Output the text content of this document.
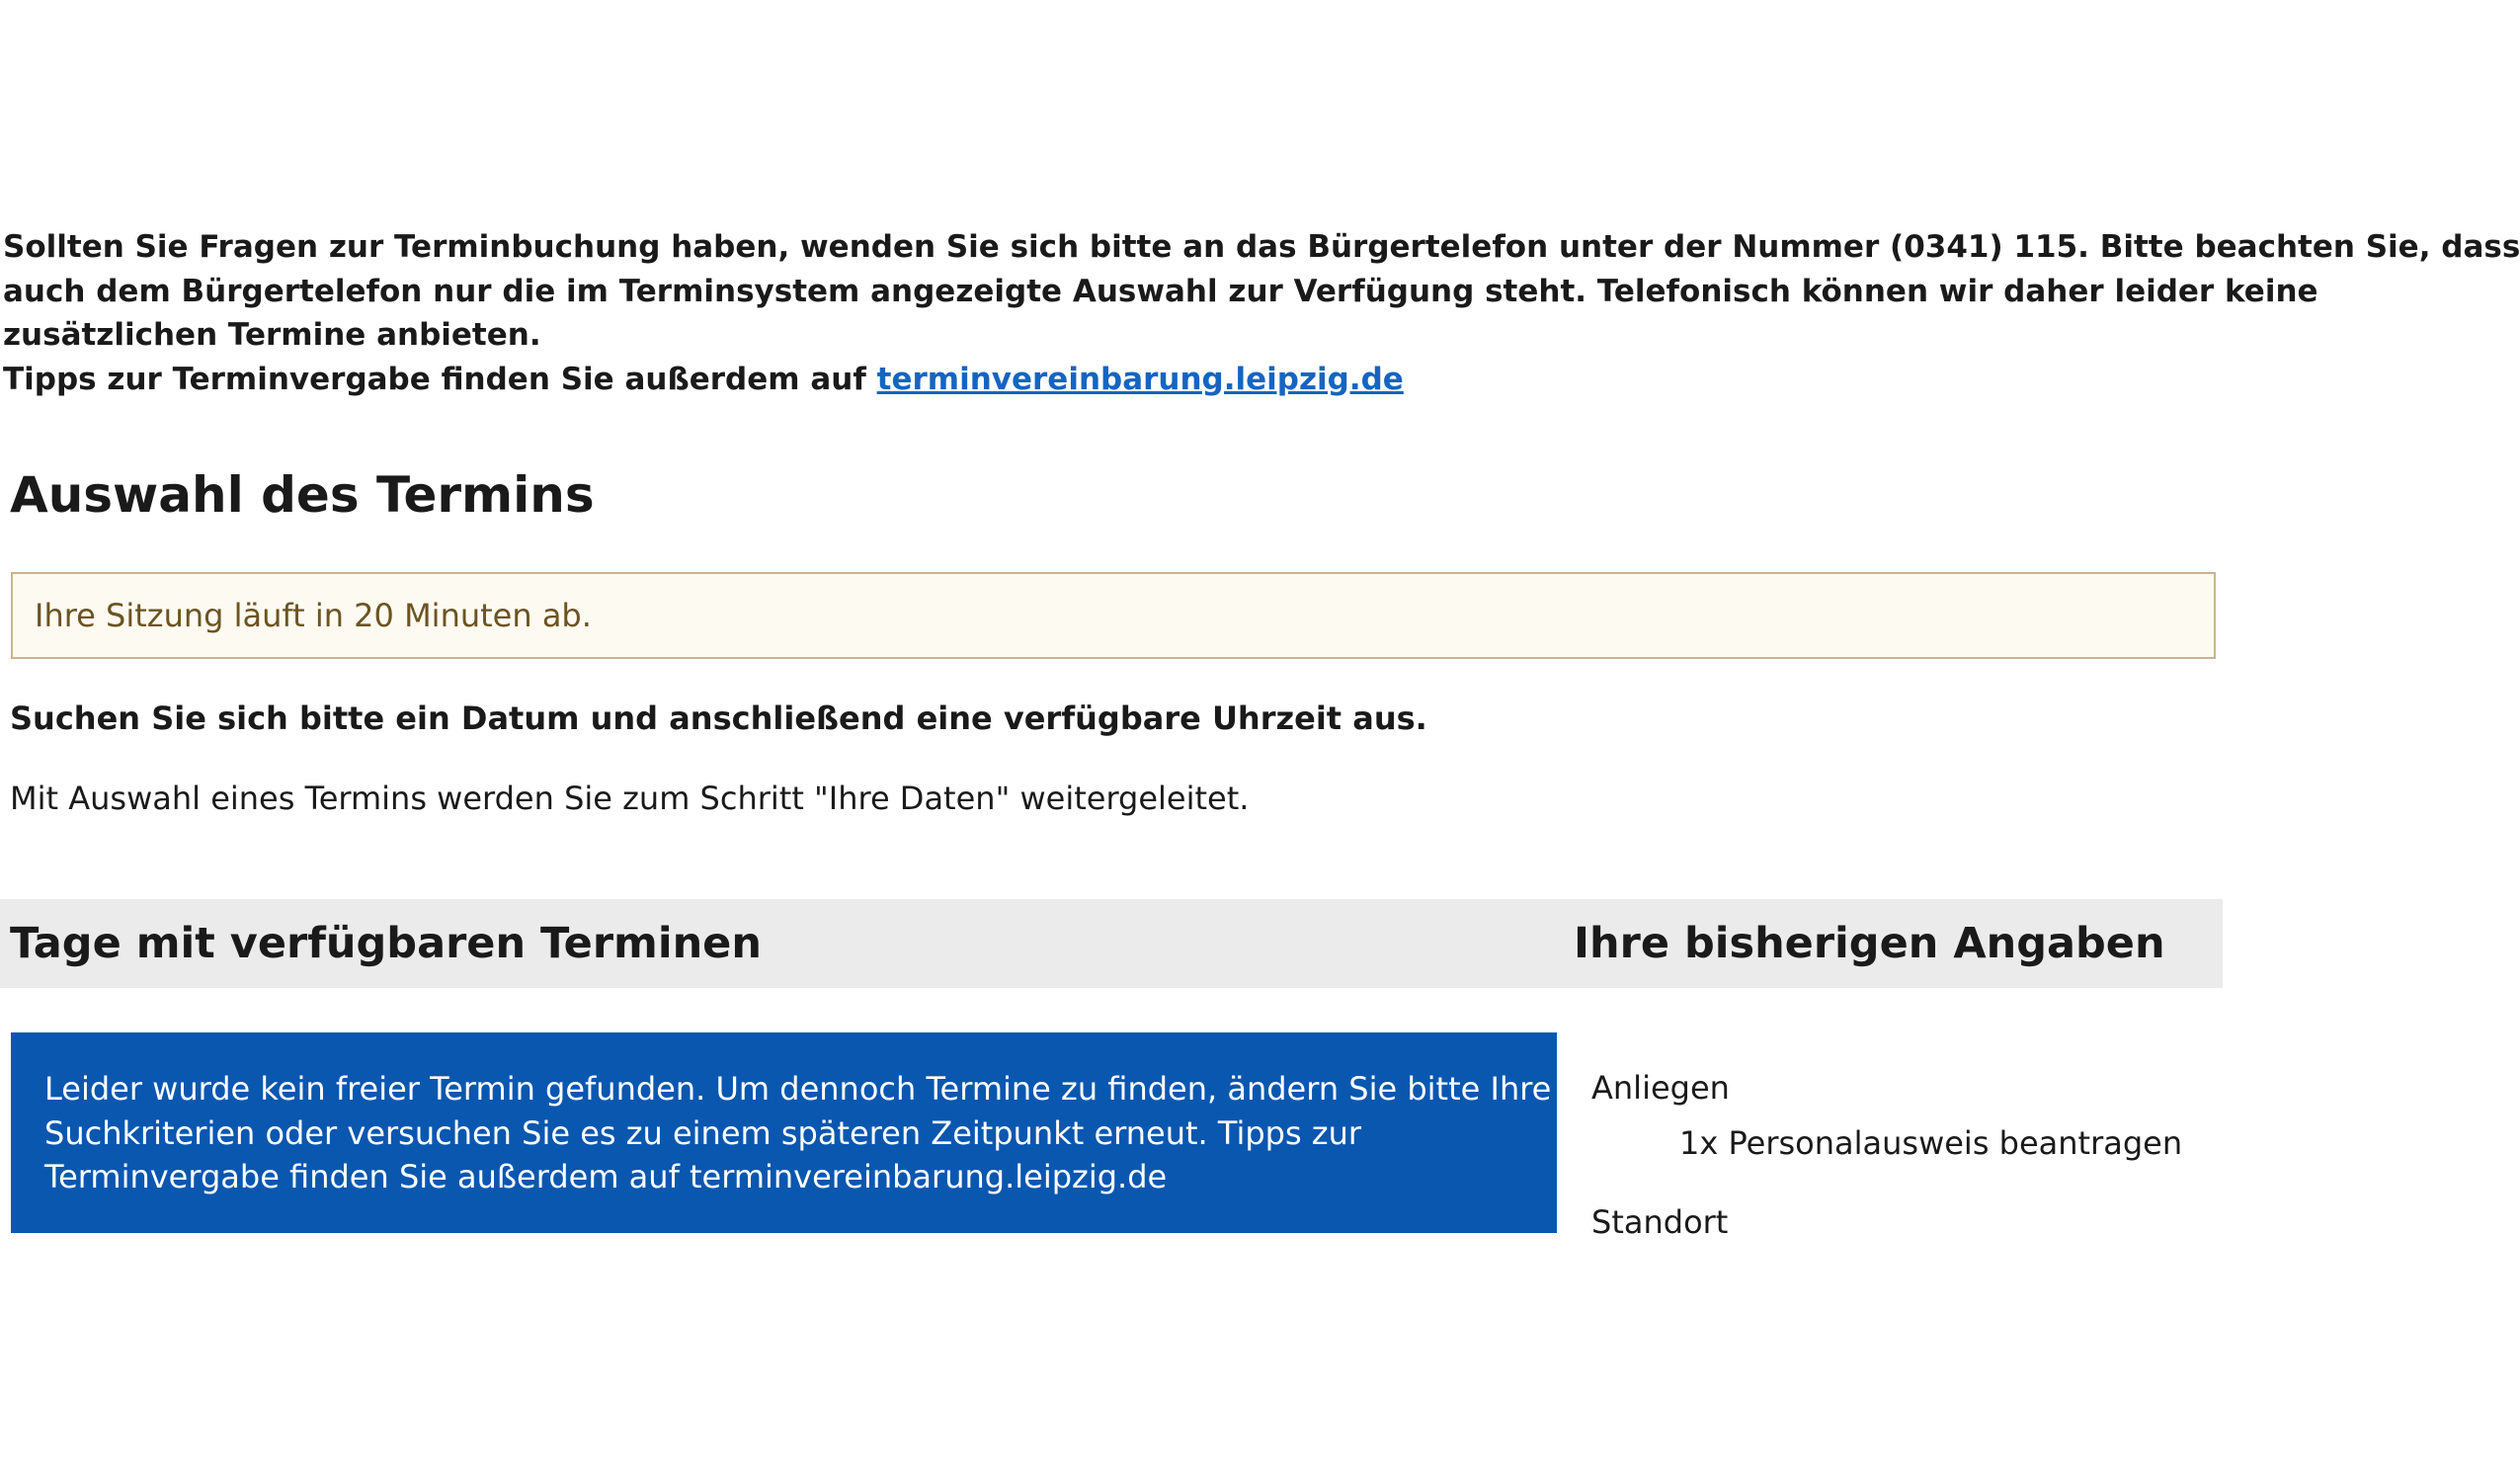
Sollten Sie Fragen zur Terminbuchung haben, wenden Sie sich bitte an das Bürgertelefon unter der Nummer (0341) 115. Bitte beachten Sie, dass
auch dem Bürgertelefon nur die im Terminsystem angezeigte Auswahl zur Verfügung steht. Telefonisch können wir daher leider keine
zusätzlichen Termine anbieten.
Tipps zur Terminvergabe finden Sie außerdem auf terminvereinbarung.leipzig.de
Auswahl des Termins
Ihre Sitzung läuft in 20 Minuten ab.
Suchen Sie sich bitte ein Datum und anschließend eine verfügbare Uhrzeit aus.
Mit Auswahl eines Termins werden Sie zum Schritt "Ihre Daten" weitergeleitet.
Tage mit verfügbaren Terminen	Ihre bisherigen Angaben
Leider wurde kein freier Termin gefunden. Um dennoch Termine zu finden, ändern Sie bitte Ihre
Suchkriterien oder versuchen Sie es zu einem späteren Zeitpunkt erneut. Tipps zur
Terminvergabe finden Sie außerdem auf terminvereinbarung.leipzig.de
Anliegen
1x Personalausweis beantragen
Standort
